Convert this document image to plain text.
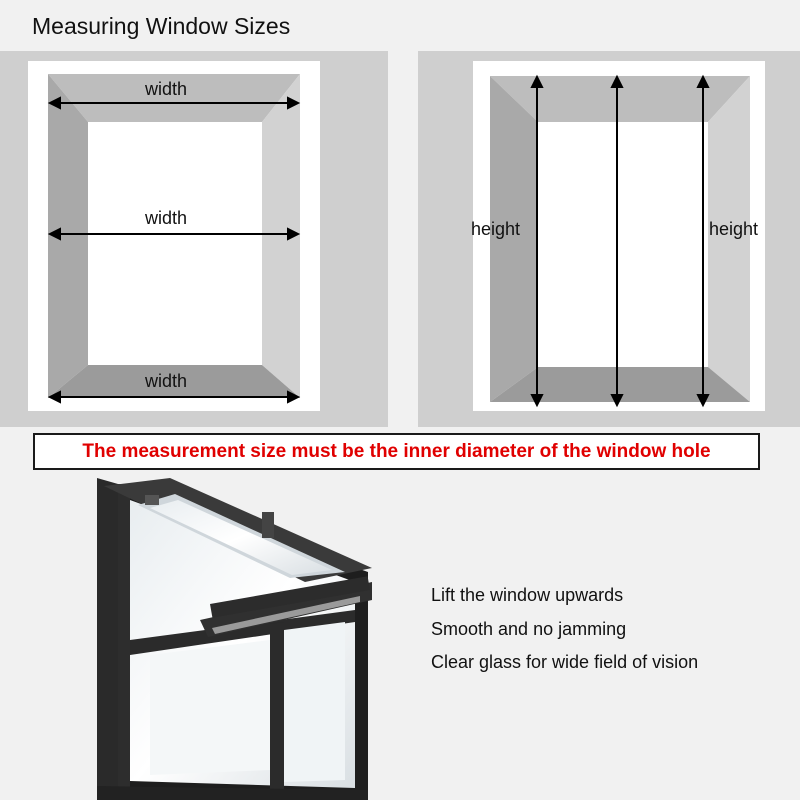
Measuring Window Sizes
width
width
width
height	height
The measurement size must be the inner diameter of the window hole
Lift the window upwards
Smooth and no jamming
Clear glass for wide field of vision
